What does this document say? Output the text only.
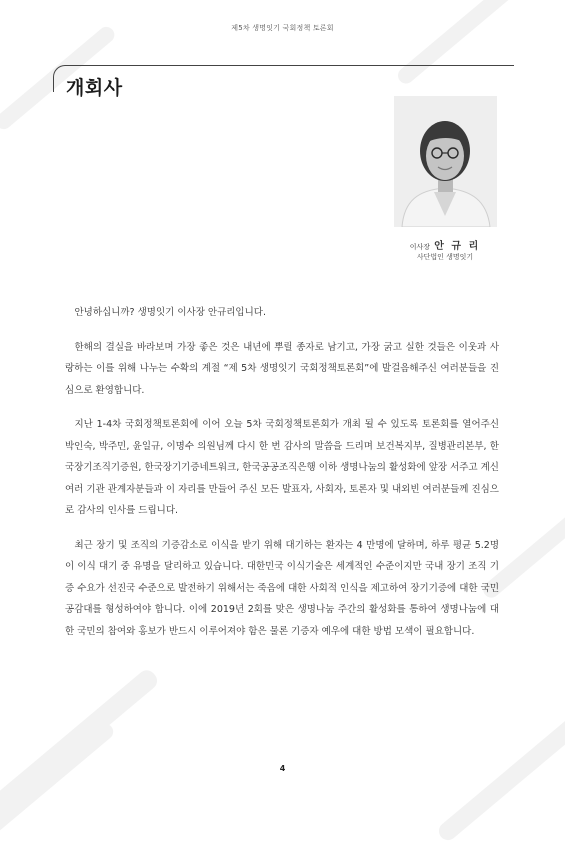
제5차 생명잇기 국회정책 토론회
개회사
이사장 안 규 리
사단법인 생명잇기

안녕하십니까? 생명잇기 이사장 안규리입니다.

한해의 결실을 바라보며 가장 좋은 것은 내년에 뿌릴 종자로 남기고, 가장 굵고 실한 것들은 이웃과 사랑하는 이를 위해 나누는 수확의 계절 “제 5차 생명잇기 국회정책토론회”에 발걸음해주신 여러분들을 진심으로 환영합니다.

지난 1-4차 국회정책토론회에 이어 오늘 5차 국회정책토론회가 개최 될 수 있도록 토론회를 열어주신 박인숙, 박주민, 윤일규, 이명수 의원님께 다시 한 번 감사의 말씀을 드리며 보건복지부, 질병관리본부, 한국장기조직기증원, 한국장기기증네트워크, 한국공공조직은행 이하 생명나눔의 활성화에 앞장 서주고 계신 여러 기관 관계자분들과 이 자리를 만들어 주신 모든 발표자, 사회자, 토론자 및 내외빈 여러분들께 진심으로 감사의 인사를 드립니다.

최근 장기 및 조직의 기증감소로 이식을 받기 위해 대기하는 환자는 4 만명에 달하며, 하루 평균 5.2명이 이식 대기 중 유명을 달리하고 있습니다. 대한민국 이식기술은 세계적인 수준이지만 국내 장기 조직 기증 수요가 선진국 수준으로 발전하기 위해서는 죽음에 대한 사회적 인식을 제고하여 장기기증에 대한 국민 공감대를 형성하여야 합니다. 이에 2019년 2회를 맞은 생명나눔 주간의 활성화를 통하여 생명나눔에 대한 국민의 참여와 홍보가 반드시 이루어져야 함은 물론 기증자 예우에 대한 방법 모색이 필요합니다.

4
